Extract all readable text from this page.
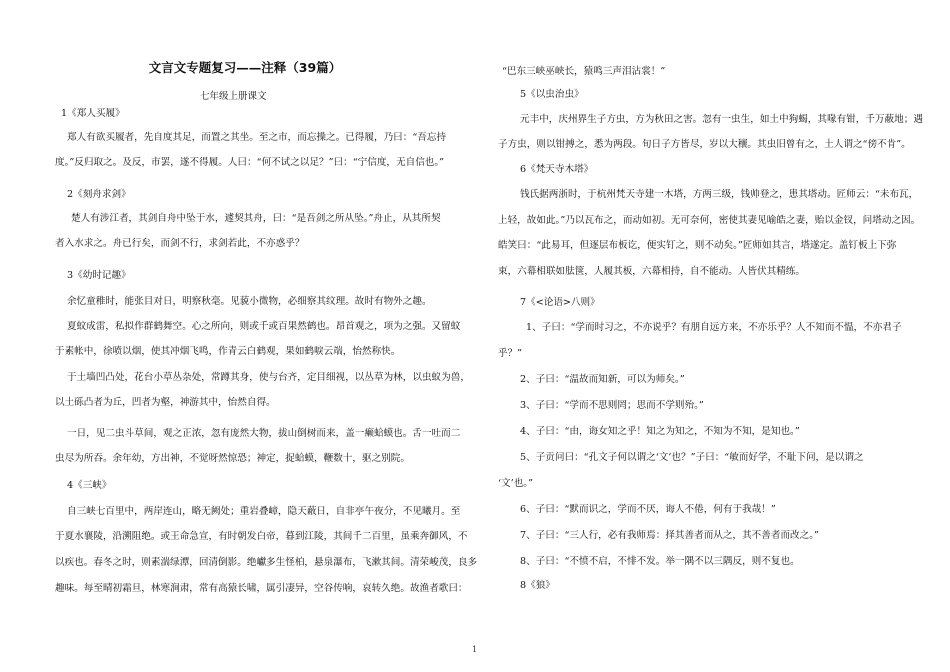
文言文专题复习——注释（39篇）
七年级上册课文
1《郑人买履》
郑人有欲买履者，先自度其足，而置之其坐。至之市，而忘操之。已得履，乃曰：“吾忘持
度。”反归取之。及反，市罢，遂不得履。人曰：“何不试之以足？”曰：“宁信度，无自信也。”
2《刻舟求剑》
楚人有涉江者，其剑自舟中坠于水，遽契其舟，曰：“是吾剑之所从坠。”舟止，从其所契
者入水求之。舟已行矣，而剑不行，求剑若此，不亦惑乎？
3《幼时记趣》
余忆童稚时，能张目对日，明察秋毫。见藐小微物，必细察其纹理。故时有物外之趣。
夏蚊成雷，私拟作群鹤舞空。心之所向，则或千或百果然鹤也。昂首观之，项为之强。又留蚊
于素帐中，徐喷以烟，使其冲烟飞鸣，作青云白鹤观，果如鹤唳云端，怡然称快。
于土墙凹凸处，花台小草丛杂处，常蹲其身，使与台齐，定目细视，以丛草为林，以虫蚁为兽，
以土砾凸者为丘，凹者为壑，神游其中，怡然自得。
一日，见二虫斗草间，观之正浓，忽有庞然大物，拔山倒树而来，盖一癞蛤蟆也。舌一吐而二
虫尽为所吞。余年幼，方出神，不觉呀然惊恐；神定，捉蛤蟆，鞭数十，驱之别院。
4《三峡》
自三峡七百里中，两岸连山，略无阙处；重岩叠嶂，隐天蔽日，自非亭午夜分，不见曦月。至
于夏水襄陵，沿溯阻绝。或王命急宣，有时朝发白帝，暮到江陵，其间千二百里，虽乘奔御风，不
以疾也。春冬之时，则素湍绿潭，回清倒影。绝巘多生怪柏，悬泉瀑布，飞漱其间。清荣峻茂，良多
趣味。每至晴初霜旦，林寒涧肃，常有高猿长啸，属引凄异，空谷传响，哀转久绝。故渔者歌曰：
“巴东三峡巫峡长，猿鸣三声泪沾裳！”
5《以虫治虫》
元丰中，庆州界生子方虫，方为秋田之害。忽有一虫生，如土中狗蝎，其喙有钳，千万蔽地；遇
子方虫，则以钳搏之，悉为两段。旬日子方皆尽，岁以大穰。其虫旧曾有之，土人谓之“傍不肯”。
6《梵天寺木塔》
钱氏据两浙时，于杭州梵天寺建一木塔，方两三级，钱帅登之，患其塔动。匠师云：“未布瓦，
上轻，故如此。”乃以瓦布之，而动如初。无可奈何，密使其妻见喻皓之妻，贻以金钗，问塔动之因。
皓笑曰：“此易耳，但逐层布板讫，便实钉之，则不动矣。”匠师如其言，塔遂定。盖钉板上下弥
束，六幕相联如胠箧，人履其板，六幕相持，自不能动。人皆伏其精练。
7《<论语>八则》
1、子曰：“学而时习之，不亦说乎？有朋自远方来，不亦乐乎？人不知而不愠，不亦君子
乎？”
2、子曰：“温故而知新，可以为师矣。”
3、子曰：“学而不思则罔；思而不学则殆。”
4、子曰：“由，诲女知之乎！知之为知之，不知为不知，是知也。”
5、子贡问曰：“孔文子何以谓之‘文’也？”子曰：“敏而好学，不耻下问，是以谓之
‘文’也。”
6、子曰：“默而识之，学而不厌，诲人不倦，何有于我哉！”
7、子曰：“三人行，必有我师焉：择其善者而从之，其不善者而改之。”
8、子曰：“不愤不启，不悱不发。举一隅不以三隅反，则不复也。
8《狼》
1
